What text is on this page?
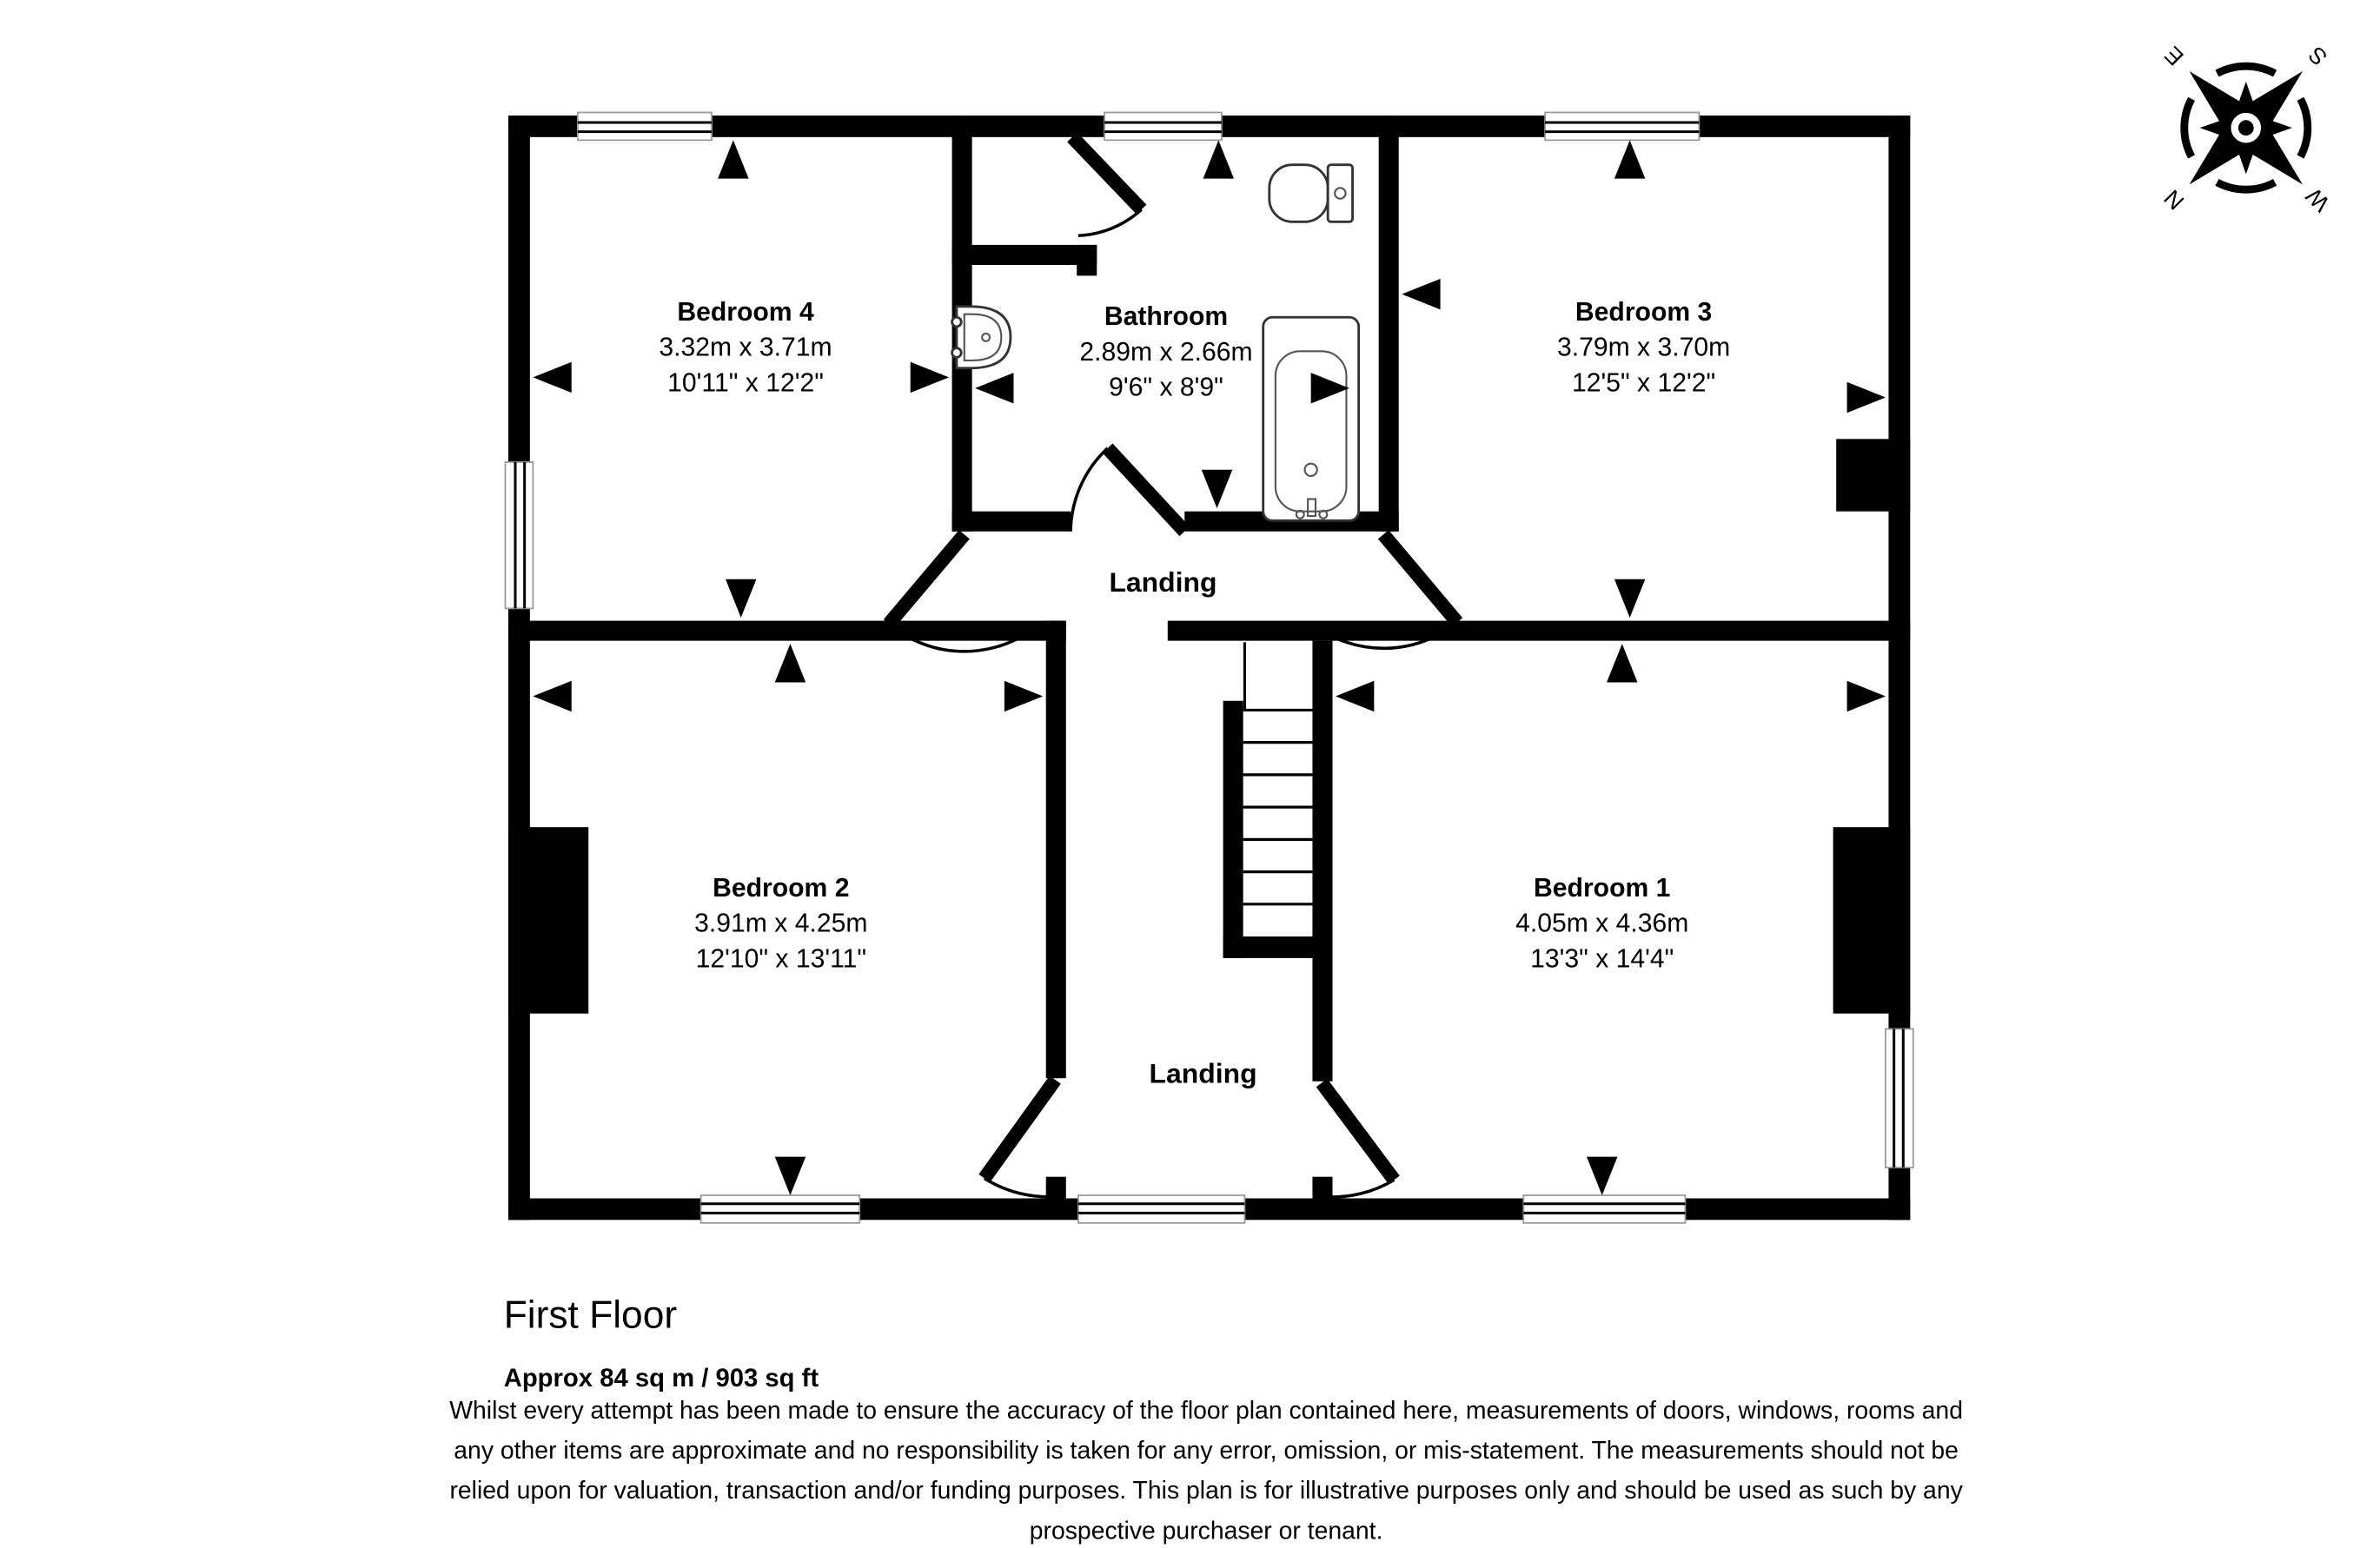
Bedroom 4
3.32m x 3.71m
10'11" x 12'2"
Bathroom
2.89m x 2.66m
9'6" x 8'9"
Bedroom 3
3.79m x 3.70m
12'5" x 12'2"
Bedroom 2
3.91m x 4.25m
12'10" x 13'11"
Bedroom 1
4.05m x 4.36m
13'3" x 14'4"
Landing
Landing
N
E	S
W
First Floor
Approx 84 sq m / 903 sq ft
Whilst every attempt has been made to ensure the accuracy of the floor plan contained here, measurements of doors, windows, rooms and
any other items are approximate and no responsibility is taken for any error, omission, or mis-statement. The measurements should not be
relied upon for valuation, transaction and/or funding purposes. This plan is for illustrative purposes only and should be used as such by any
prospective purchaser or tenant.
